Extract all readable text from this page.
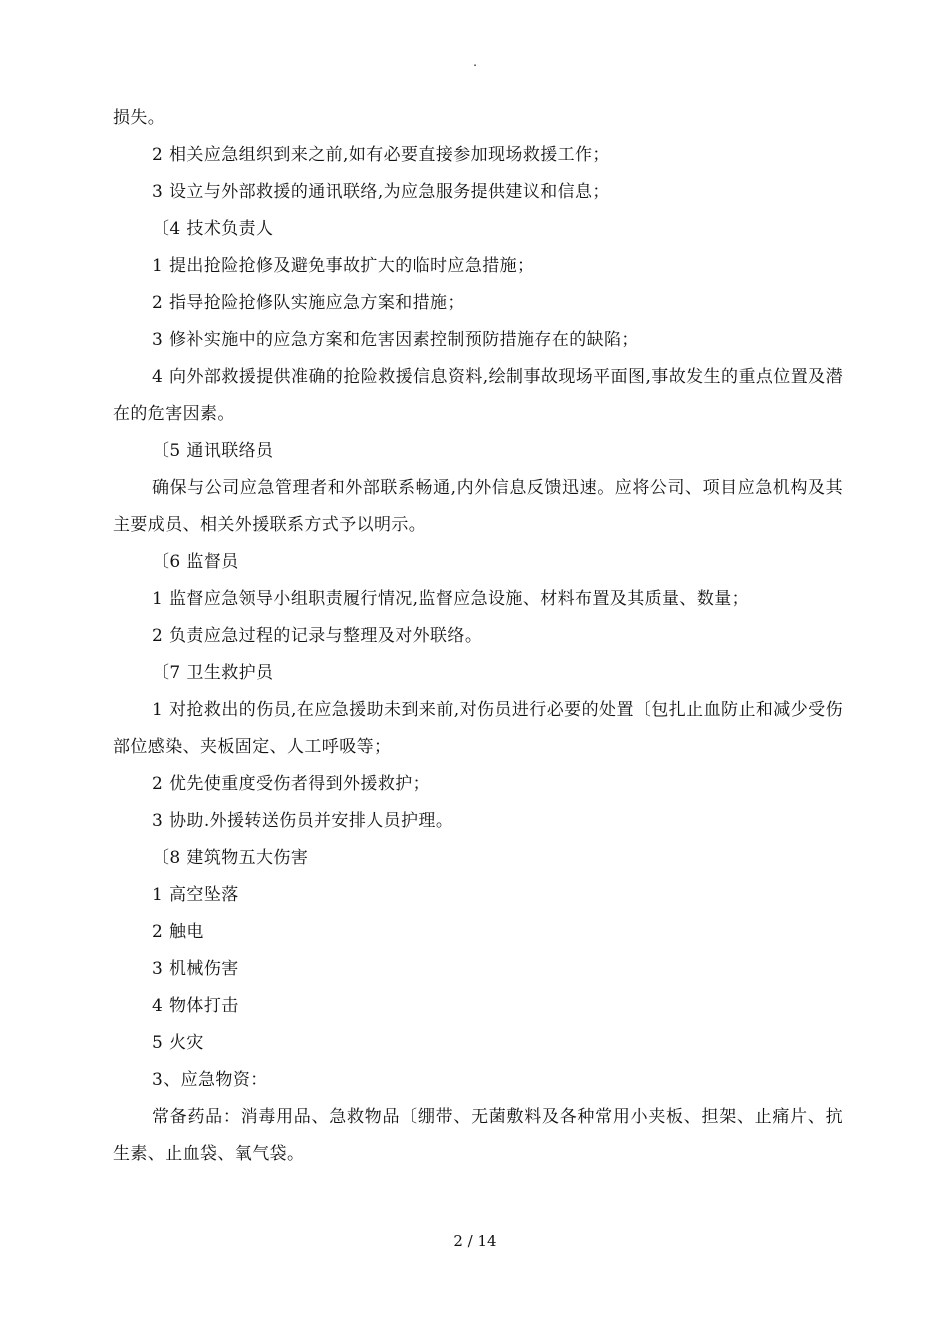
.

损失。

2 相关应急组织到来之前,如有必要直接参加现场救援工作；

3 设立与外部救援的通讯联络,为应急服务提供建议和信息；

〔4 技术负责人

1 提出抢险抢修及避免事故扩大的临时应急措施；

2 指导抢险抢修队实施应急方案和措施；

3 修补实施中的应急方案和危害因素控制预防措施存在的缺陷；

4 向外部救援提供准确的抢险救援信息资料,绘制事故现场平面图,事故发生的重点位置及潜在的危害因素。

〔5 通讯联络员

确保与公司应急管理者和外部联系畅通,内外信息反馈迅速。应将公司、项目应急机构及其主要成员、相关外援联系方式予以明示。

〔6 监督员

1 监督应急领导小组职责履行情况,监督应急设施、材料布置及其质量、数量；

2 负责应急过程的记录与整理及对外联络。

〔7 卫生救护员

1 对抢救出的伤员,在应急援助未到来前,对伤员进行必要的处置〔包扎止血防止和减少受伤部位感染、夹板固定、人工呼吸等；

2 优先使重度受伤者得到外援救护；

3 协助.外援转送伤员并安排人员护理。

〔8 建筑物五大伤害

1 高空坠落

2 触电

3 机械伤害

4 物体打击

5 火灾

3、应急物资：

常备药品：消毒用品、急救物品〔绷带、无菌敷料及各种常用小夹板、担架、止痛片、抗生素、止血袋、氧气袋。

2 / 14
